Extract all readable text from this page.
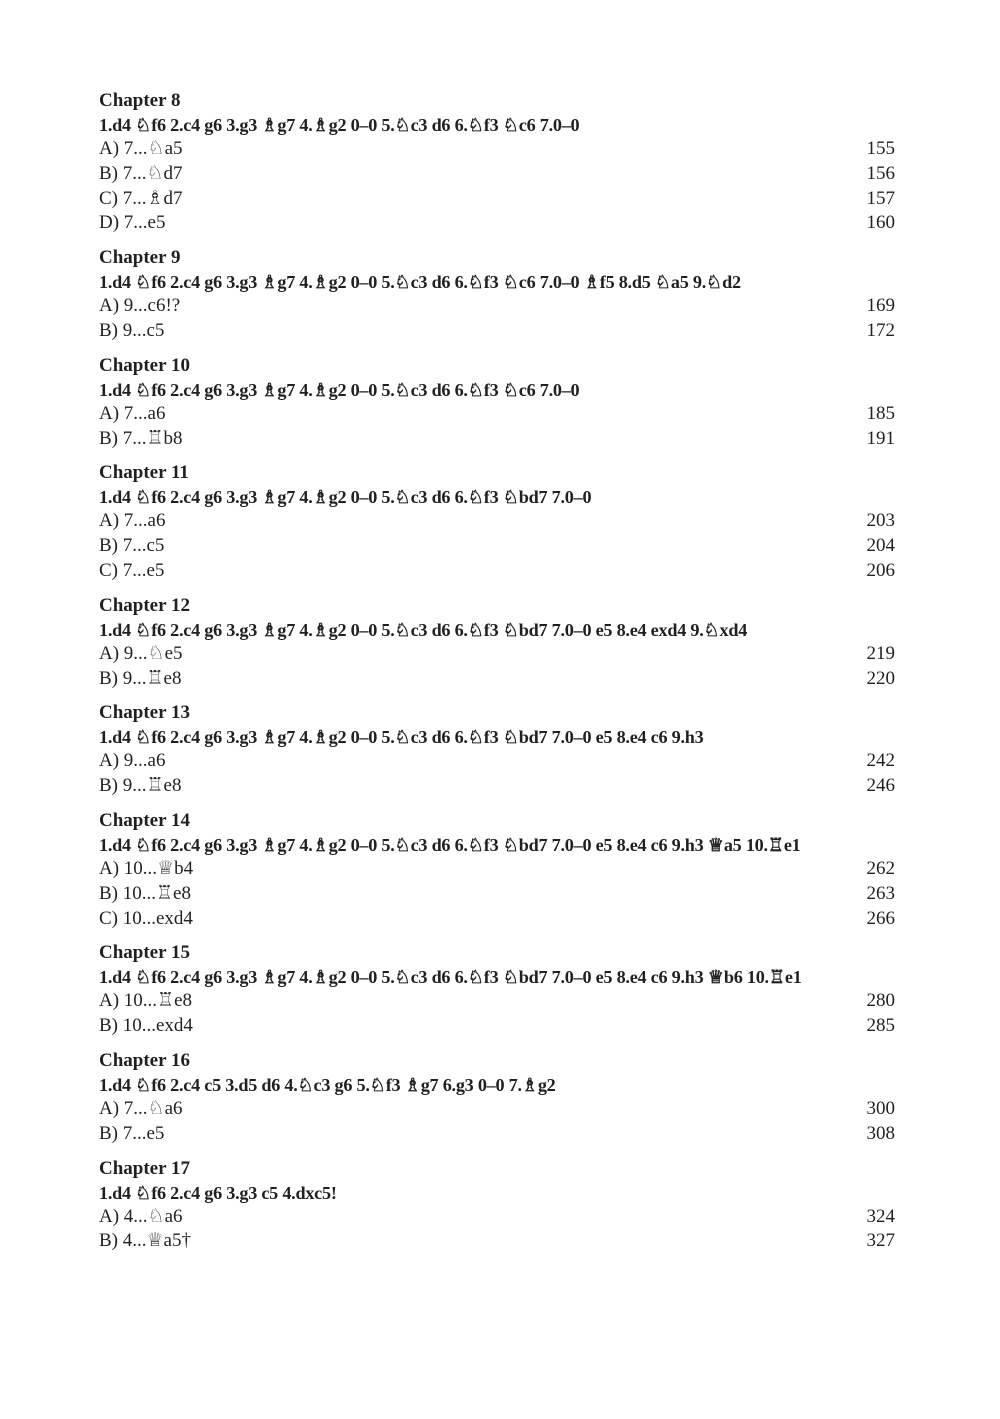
Chapter 8
1.d4 ♘f6 2.c4 g6 3.g3 ♗g7 4.♗g2 0–0 5.♘c3 d6 6.♘f3 ♘c6 7.0–0
A) 7...♘a5	155
B) 7...♘d7	156
C) 7...♗d7	157
D) 7...e5	160
Chapter 9
1.d4 ♘f6 2.c4 g6 3.g3 ♗g7 4.♗g2 0–0 5.♘c3 d6 6.♘f3 ♘c6 7.0–0 ♗f5 8.d5 ♘a5 9.♘d2
A) 9...c6!?	169
B) 9...c5	172
Chapter 10
1.d4 ♘f6 2.c4 g6 3.g3 ♗g7 4.♗g2 0–0 5.♘c3 d6 6.♘f3 ♘c6 7.0–0
A) 7...a6	185
B) 7...♖b8	191
Chapter 11
1.d4 ♘f6 2.c4 g6 3.g3 ♗g7 4.♗g2 0–0 5.♘c3 d6 6.♘f3 ♘bd7 7.0–0
A) 7...a6	203
B) 7...c5	204
C) 7...e5	206
Chapter 12
1.d4 ♘f6 2.c4 g6 3.g3 ♗g7 4.♗g2 0–0 5.♘c3 d6 6.♘f3 ♘bd7 7.0–0 e5 8.e4 exd4 9.♘xd4
A) 9...♘e5	219
B) 9...♖e8	220
Chapter 13
1.d4 ♘f6 2.c4 g6 3.g3 ♗g7 4.♗g2 0–0 5.♘c3 d6 6.♘f3 ♘bd7 7.0–0 e5 8.e4 c6 9.h3
A) 9...a6	242
B) 9...♖e8	246
Chapter 14
1.d4 ♘f6 2.c4 g6 3.g3 ♗g7 4.♗g2 0–0 5.♘c3 d6 6.♘f3 ♘bd7 7.0–0 e5 8.e4 c6 9.h3 ♕a5 10.♖e1
A) 10...♕b4	262
B) 10...♖e8	263
C) 10...exd4	266
Chapter 15
1.d4 ♘f6 2.c4 g6 3.g3 ♗g7 4.♗g2 0–0 5.♘c3 d6 6.♘f3 ♘bd7 7.0–0 e5 8.e4 c6 9.h3 ♕b6 10.♖e1
A) 10...♖e8	280
B) 10...exd4	285
Chapter 16
1.d4 ♘f6 2.c4 c5 3.d5 d6 4.♘c3 g6 5.♘f3 ♗g7 6.g3 0–0 7.♗g2
A) 7...♘a6	300
B) 7...e5	308
Chapter 17
1.d4 ♘f6 2.c4 g6 3.g3 c5 4.dxc5!
A) 4...♘a6	324
B) 4...♕a5†	327
